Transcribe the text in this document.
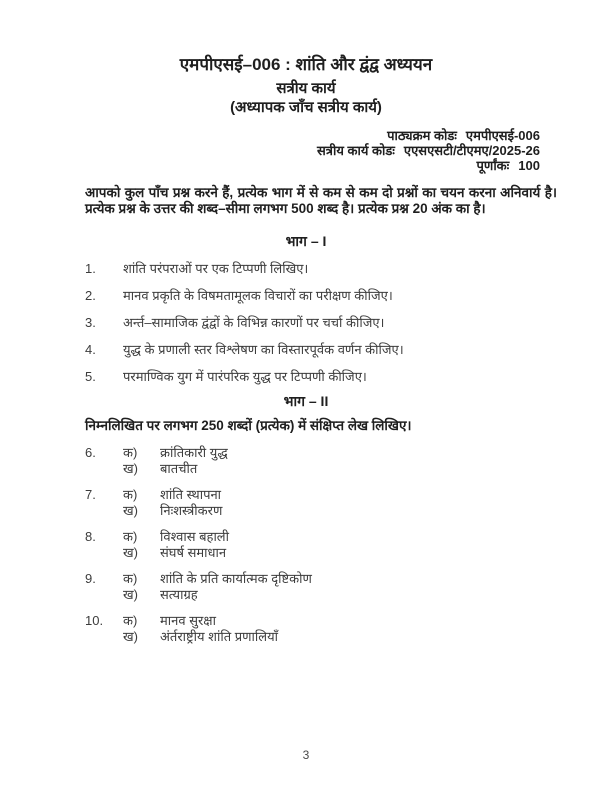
एमपीएसई–006 : शांति और द्वंद्व अध्ययन
सत्रीय कार्य
(अध्यापक जाँच सत्रीय कार्य)
पाठ्यक्रम कोडः एमपीएसई-006
सत्रीय कार्य कोडः एएसएसटी/टीएमए/2025-26
पूर्णांकः 100
आपको कुल पाँच प्रश्न करने हैं, प्रत्येक भाग में से कम से कम दो प्रश्नों का चयन करना अनिवार्य है। प्रत्येक प्रश्न के उत्तर की शब्द–सीमा लगभग 500 शब्द है। प्रत्येक प्रश्न 20 अंक का है।
भाग – I
1.	शांति परंपराओं पर एक टिप्पणी लिखिए।
2.	मानव प्रकृति के विषमतामूलक विचारों का परीक्षण कीजिए।
3.	अर्न्त–सामाजिक द्वंद्वों के विभिन्न कारणों पर चर्चा कीजिए।
4.	युद्ध के प्रणाली स्तर विश्लेषण का विस्तारपूर्वक वर्णन कीजिए।
5.	परमाण्विक युग में पारंपरिक युद्ध पर टिप्पणी कीजिए।
भाग – II
निम्नलिखित पर लगभग 250 शब्दों (प्रत्येक) में संक्षिप्त लेख लिखिए।
6.	क)	क्रांतिकारी युद्ध
ख)	बातचीत
7.	क)	शांति स्थापना
ख)	निःशस्त्रीकरण
8.	क)	विश्वास बहाली
ख)	संघर्ष समाधान
9.	क)	शांति के प्रति कार्यात्मक दृष्टिकोण
ख)	सत्याग्रह
10.	क)	मानव सुरक्षा
ख)	अंर्तराष्ट्रीय शांति प्रणालियाँ
3
